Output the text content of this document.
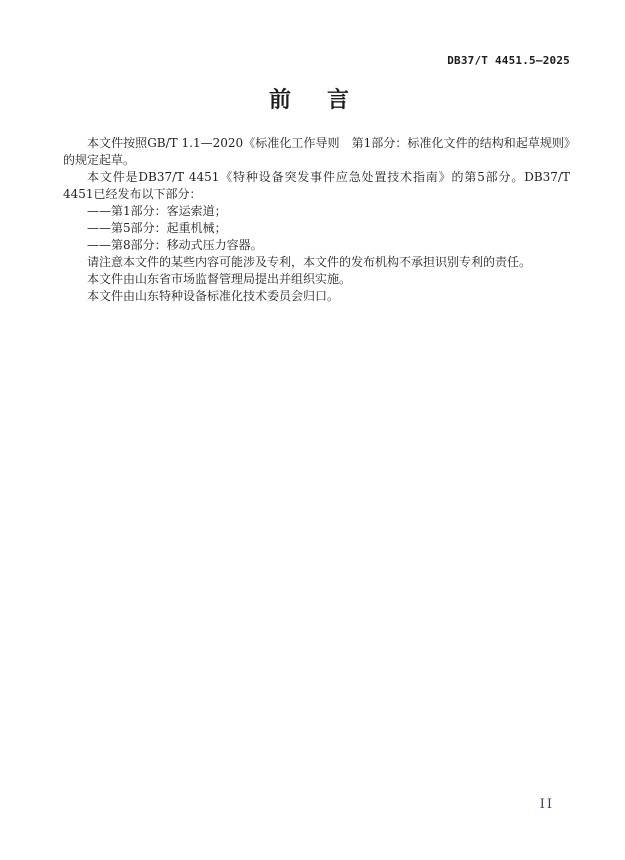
DB37/T 4451.5—2025
前　言

本文件按照GB/T 1.1—2020《标准化工作导则　第1部分：标准化文件的结构和起草规则》的规定起草。

本文件是DB37/T 4451《特种设备突发事件应急处置技术指南》的第5部分。DB37/T 4451已经发布以下部分：

——第1部分：客运索道；

——第5部分：起重机械；

——第8部分：移动式压力容器。

请注意本文件的某些内容可能涉及专利，本文件的发布机构不承担识别专利的责任。

本文件由山东省市场监督管理局提出并组织实施。

本文件由山东特种设备标准化技术委员会归口。

II
